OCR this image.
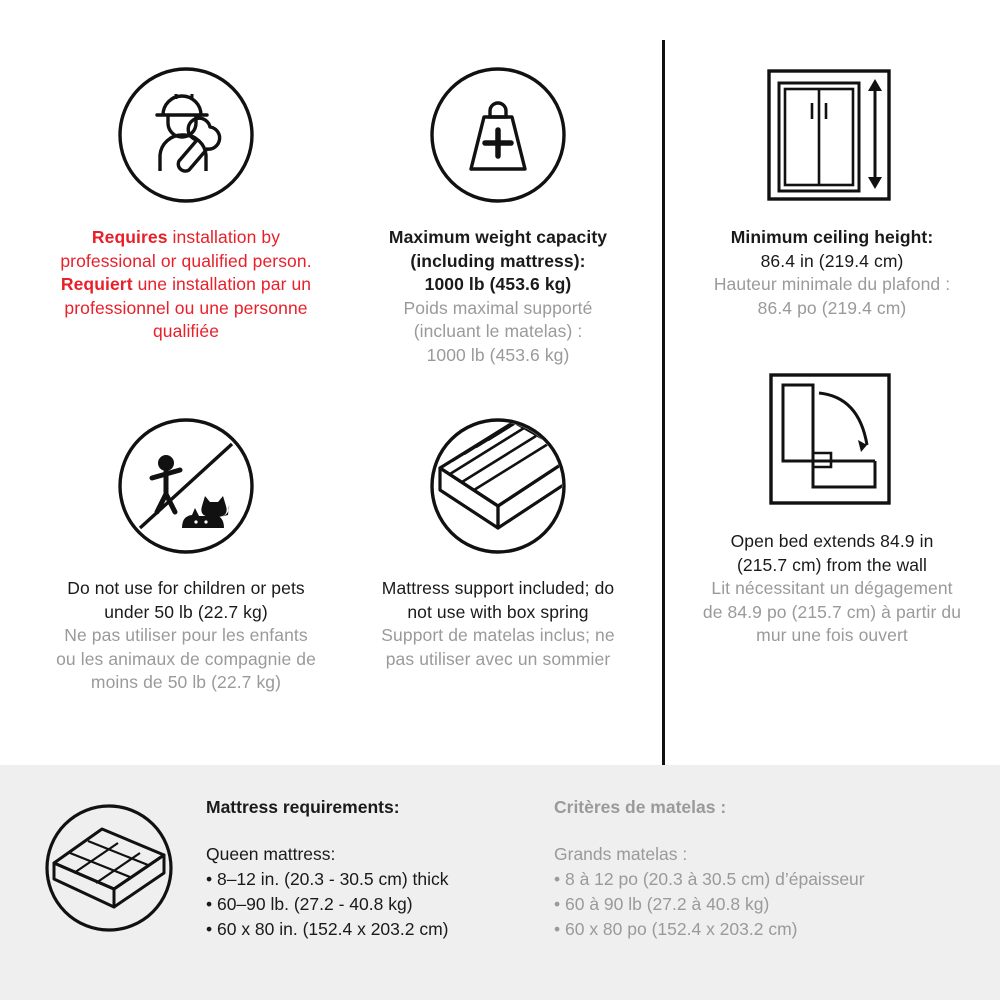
Requires installation by

professional or qualified person.

Requiert une installation par un

professionnel ou une personne

qualifiée

Maximum weight capacity

(including mattress):

1000 lb (453.6 kg)

Poids maximal supporté

(incluant le matelas) :

1000 lb (453.6 kg)

Do not use for children or pets

under 50 lb (22.7 kg)

Ne pas utiliser pour les enfants

ou les animaux de compagnie de

moins de 50 lb (22.7 kg)

Mattress support included; do

not use with box spring

Support de matelas inclus; ne

pas utiliser avec un sommier

Minimum ceiling height:

86.4 in (219.4 cm)

Hauteur minimale du plafond :

86.4 po (219.4 cm)

Open bed extends 84.9 in

(215.7 cm) from the wall

Lit nécessitant un dégagement

de 84.9 po (215.7 cm) à partir du

mur une fois ouvert

Mattress requirements:

Queen mattress:
• 8–12 in. (20.3 - 30.5 cm) thick
• 60–90 lb. (27.2 - 40.8 kg)
• 60 x 80 in. (152.4 x 203.2 cm)

Critères de matelas :

Grands matelas :
• 8 à 12 po (20.3 à 30.5 cm) d’épaisseur
• 60 à 90 lb (27.2 à 40.8 kg)
• 60 x 80 po (152.4 x 203.2 cm)
